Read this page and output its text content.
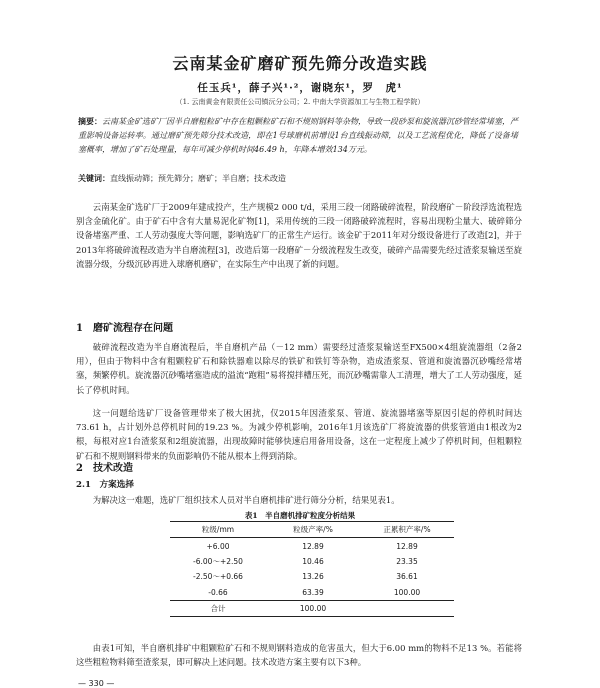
云南某金矿磨矿预先筛分改造实践
任玉兵¹，薛子兴¹·²，谢晓东¹，罗　虎¹
（1. 云南黄金有限责任公司镇沅分公司；2. 中南大学资源加工与生物工程学院）
摘要：云南某金矿选矿厂因半自磨粗粒矿中存在粗颗粒矿石和不规则钢料等杂物，导致一段砂泵和旋流器沉砂管经常堵塞，严重影响设备运转率。通过磨矿预先筛分技术改造，即在1号球磨机前增设1台直线振动筛，以及工艺流程优化，降低了设备堵塞概率，增加了矿石处理量，每年可减少停机时间46.49 h，年降本增效134万元。
关键词：直线振动筛；预先筛分；磨矿；半自磨；技术改造
云南某金矿选矿厂于2009年建成投产，生产规模2 000 t/d，采用三段一闭路破碎流程，阶段磨矿－阶段浮选流程选别含金硫化矿。由于矿石中含有大量易泥化矿物[1]，采用传统的三段一闭路破碎流程时，容易出现粉尘量大、破碎筛分设备堵塞严重、工人劳动强度大等问题，影响选矿厂的正常生产运行。该金矿于2011年对分级设备进行了改造[2]，并于2013年将破碎流程改造为半自磨流程[3]，改造后第一段磨矿－分级流程发生改变，破碎产品需要先经过渣浆泵输送至旋流器分级，分级沉砂再进入球磨机磨矿，在实际生产中出现了新的问题。
1　磨矿流程存在问题
破碎流程改造为半自磨流程后，半自磨机产品（－12 mm）需要经过渣浆泵输送至FX500×4组旋流器组（2备2用），但由于物料中含有粗颗粒矿石和除铁器难以除尽的铁矿和铁钉等杂物，造成渣浆泵、管道和旋流器沉砂嘴经常堵塞，频繁停机。旋流器沉砂嘴堵塞造成的溢流“跑粗”易将搅拌槽压死，而沉砂嘴需靠人工清理，增大了工人劳动强度，延长了停机时间。
这一问题给选矿厂设备管理带来了极大困扰，仅2015年因渣浆泵、管道、旋流器堵塞等原因引起的停机时间达73.61 h，占计划外总停机时间的19.23 %。为减少停机影响，2016年1月该选矿厂将旋流器的供浆管道由1根改为2根，每根对应1台渣浆泵和2组旋流器，出现故障时能够快速启用备用设备，这在一定程度上减少了停机时间，但粗颗粒矿石和不规则钢料带来的负面影响仍不能从根本上得到消除。
2　技术改造
2.1　方案选择
为解决这一难题，选矿厂组织技术人员对半自磨机排矿进行筛分分析，结果见表1。
表1　半自磨机排矿粒度分析结果
粒级/mm	粒级产率/%	正累积产率/%
+6.00	12.89	12.89
-6.00～+2.50	10.46	23.35
-2.50～+0.66	13.26	36.61
-0.66	63.39	100.00
合计	100.00	
由表1可知，半自磨机排矿中粗颗粒矿石和不规则钢料造成的危害虽大，但大于6.00 mm的物料不足13 %。若能将这些粗粒物料筛至渣浆泵，即可解决上述问题。技术改造方案主要有以下3种。
— 330 —
